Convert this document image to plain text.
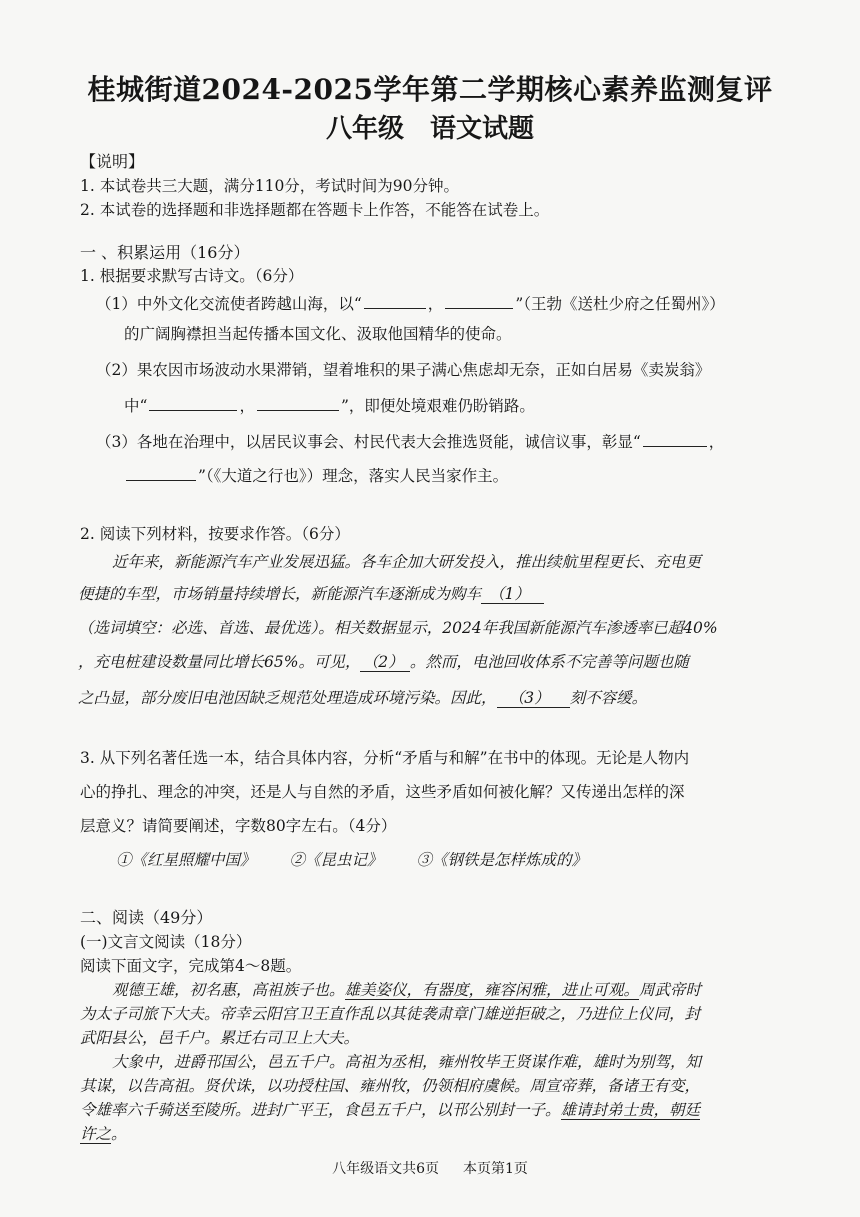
桂城街道2024-2025学年第二学期核心素养监测复评
八年级　语文试题
【说明】
1. 本试卷共三大题，满分110分，考试时间为90分钟。
2. 本试卷的选择题和非选择题都在答题卡上作答，不能答在试卷上。
一 、积累运用（16分）
1. 根据要求默写古诗文。（6分）
（1）中外文化交流使者跨越山海，以“	，	”（王勃《送杜少府之任蜀州》）
的广阔胸襟担当起传播本国文化、汲取他国精华的使命。
（2）果农因市场波动水果滞销，望着堆积的果子满心焦虑却无奈，正如白居易《卖炭翁》
中“	，	”，即便处境艰难仍盼销路。
（3）各地在治理中，以居民议事会、村民代表大会推选贤能，诚信议事，彰显“	，
”（《大道之行也》）理念，落实人民当家作主。
2. 阅读下列材料，按要求作答。（6分）
近年来，新能源汽车产业发展迅猛。各车企加大研发投入，推出续航里程更长、充电更
便捷的车型，市场销量持续增长，新能源汽车逐渐成为购车 （1）
（选词填空：必选、首选、最优选）。相关数据显示，2024年我国新能源汽车渗透率已超40%
，充电桩建设数量同比增长65%。可见， （2） 。然而，电池回收体系不完善等问题也随
之凸显，部分废旧电池因缺乏规范处理造成环境污染。因此， （3） 刻不容缓。
3. 从下列名著任选一本，结合具体内容，分析“矛盾与和解”在书中的体现。无论是人物内
心的挣扎、理念的冲突，还是人与自然的矛盾，这些矛盾如何被化解？又传递出怎样的深
层意义？请简要阐述，字数80字左右。（4分）
①《红星照耀中国》 ②《昆虫记》 ③《钢铁是怎样炼成的》
二、阅读（49分）
(一)文言文阅读（18分）
阅读下面文字，完成第4～8题。
观德王雄，初名惠，高祖族子也。雄美姿仪，有器度，雍容闲雅，进止可观。周武帝时
为太子司旅下大夫。帝幸云阳宫卫王直作乱以其徒袭肃章门雄逆拒破之，乃进位上仪同，封
武阳县公，邑千户。累迁右司卫上大夫。
大象中，进爵邗国公，邑五千户。高祖为丞相，雍州牧毕王贤谋作难，雄时为别驾，知
其谋，以告高祖。贤伏诛，以功授柱国、雍州牧，仍领相府虞候。周宣帝葬，备诸王有变，
令雄率六千骑送至陵所。进封广平王，食邑五千户，以邗公别封一子。雄请封弟士贵，朝廷
许之。
八年级语文共6页 本页第1页
